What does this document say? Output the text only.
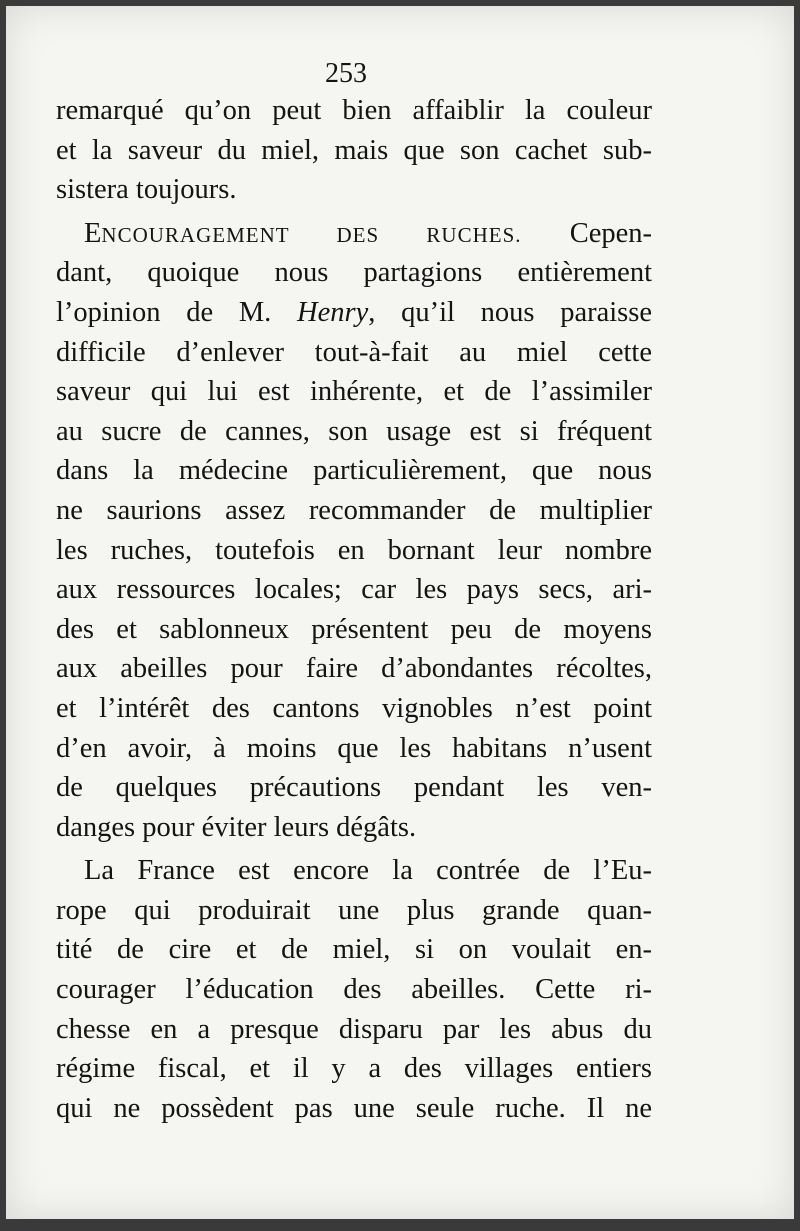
253
remarqué qu’on peut bien affaiblir la couleur
et la saveur du miel, mais que son cachet sub-
sistera toujours.
ENCOURAGEMENT DES RUCHES. Cepen-
dant, quoique nous partagions entièrement
l’opinion de M. Henry, qu’il nous paraisse
difficile d’enlever tout-à-fait au miel cette
saveur qui lui est inhérente, et de l’assimiler
au sucre de cannes, son usage est si fréquent
dans la médecine particulièrement, que nous
ne saurions assez recommander de multiplier
les ruches, toutefois en bornant leur nombre
aux ressources locales; car les pays secs, ari-
des et sablonneux présentent peu de moyens
aux abeilles pour faire d’abondantes récoltes,
et l’intérêt des cantons vignobles n’est point
d’en avoir, à moins que les habitans n’usent
de quelques précautions pendant les ven-
danges pour éviter leurs dégâts.
La France est encore la contrée de l’Eu-
rope qui produirait une plus grande quan-
tité de cire et de miel, si on voulait en-
courager l’éducation des abeilles. Cette ri-
chesse en a presque disparu par les abus du
régime fiscal, et il y a des villages entiers
qui ne possèdent pas une seule ruche. Il ne
